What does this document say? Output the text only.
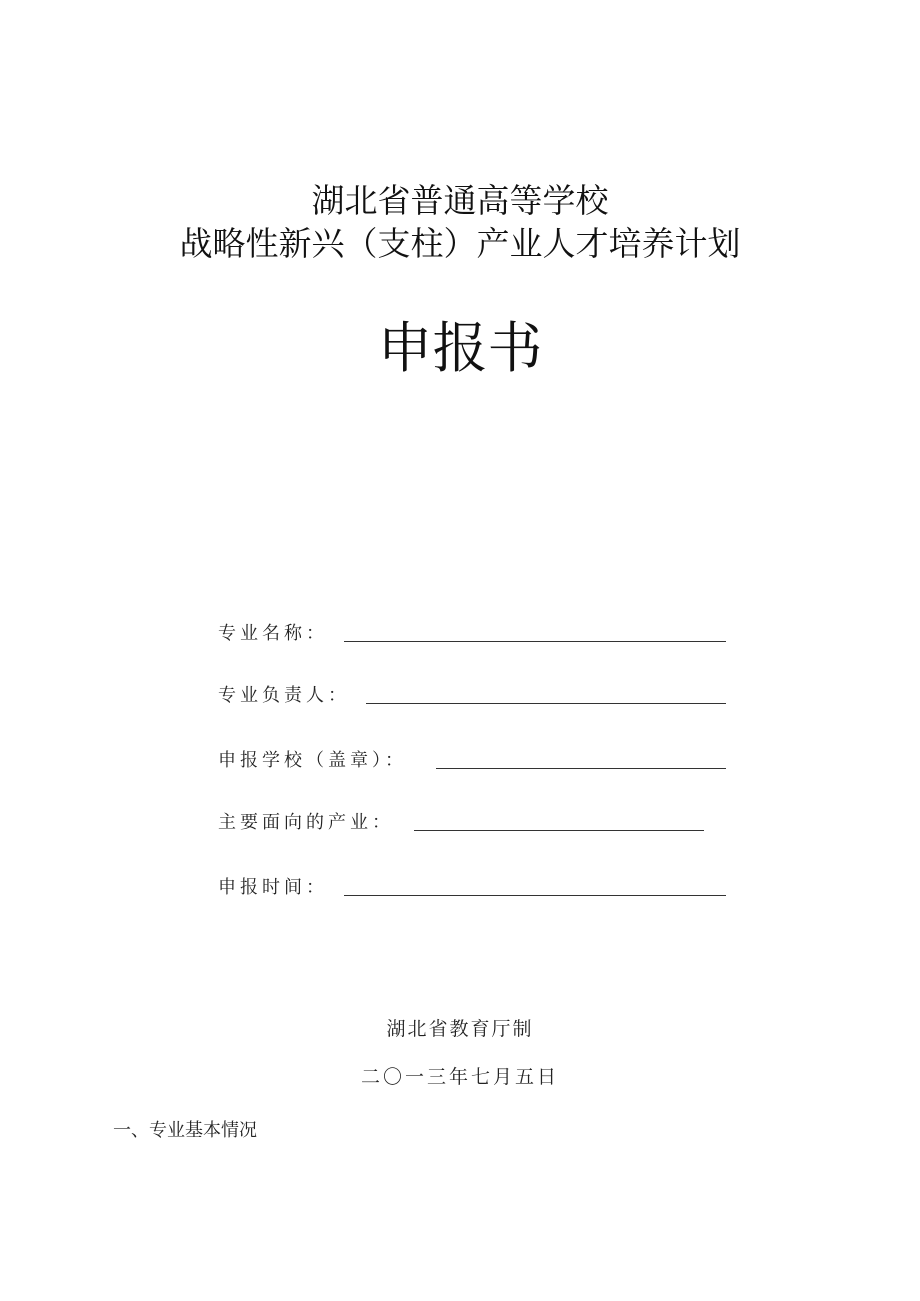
湖北省普通高等学校
战略性新兴（支柱）产业人才培养计划
申报书
专业名称：
专业负责人：
申报学校（盖章）：
主要面向的产业：
申报时间：
湖北省教育厅制
二〇一三年七月五日
一、专业基本情况
